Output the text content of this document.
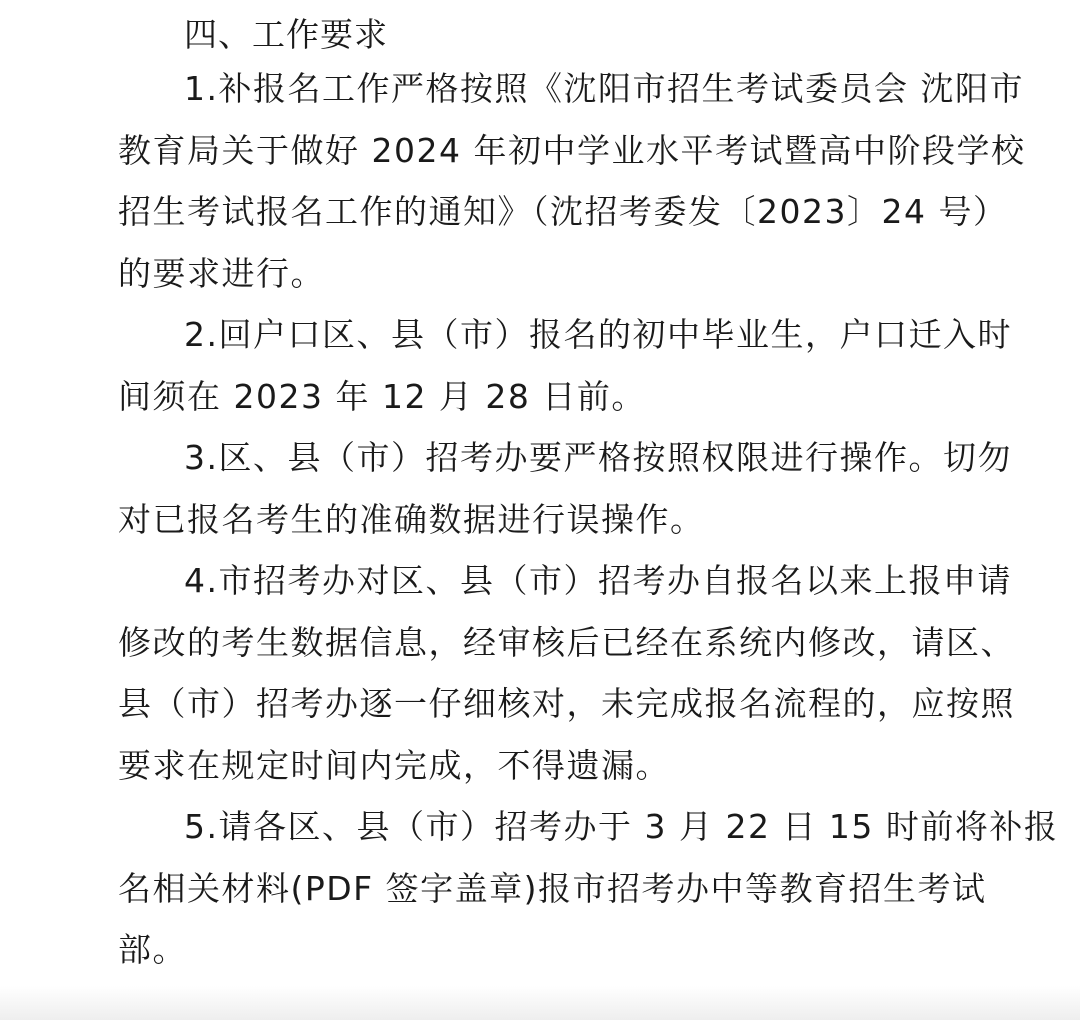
四、工作要求
1.补报名工作严格按照《沈阳市招生考试委员会 沈阳市
教育局关于做好 2024 年初中学业水平考试暨高中阶段学校
招生考试报名工作的通知》（沈招考委发〔2023〕24 号）
的要求进行。
2.回户口区、县（市）报名的初中毕业生，户口迁入时
间须在 2023 年 12 月 28 日前。
3.区、县（市）招考办要严格按照权限进行操作。切勿
对已报名考生的准确数据进行误操作。
4.市招考办对区、县（市）招考办自报名以来上报申请
修改的考生数据信息，经审核后已经在系统内修改，请区、
县（市）招考办逐一仔细核对，未完成报名流程的，应按照
要求在规定时间内完成，不得遗漏。
5.请各区、县（市）招考办于 3 月 22 日 15 时前将补报
名相关材料(PDF 签字盖章)报市招考办中等教育招生考试
部。
